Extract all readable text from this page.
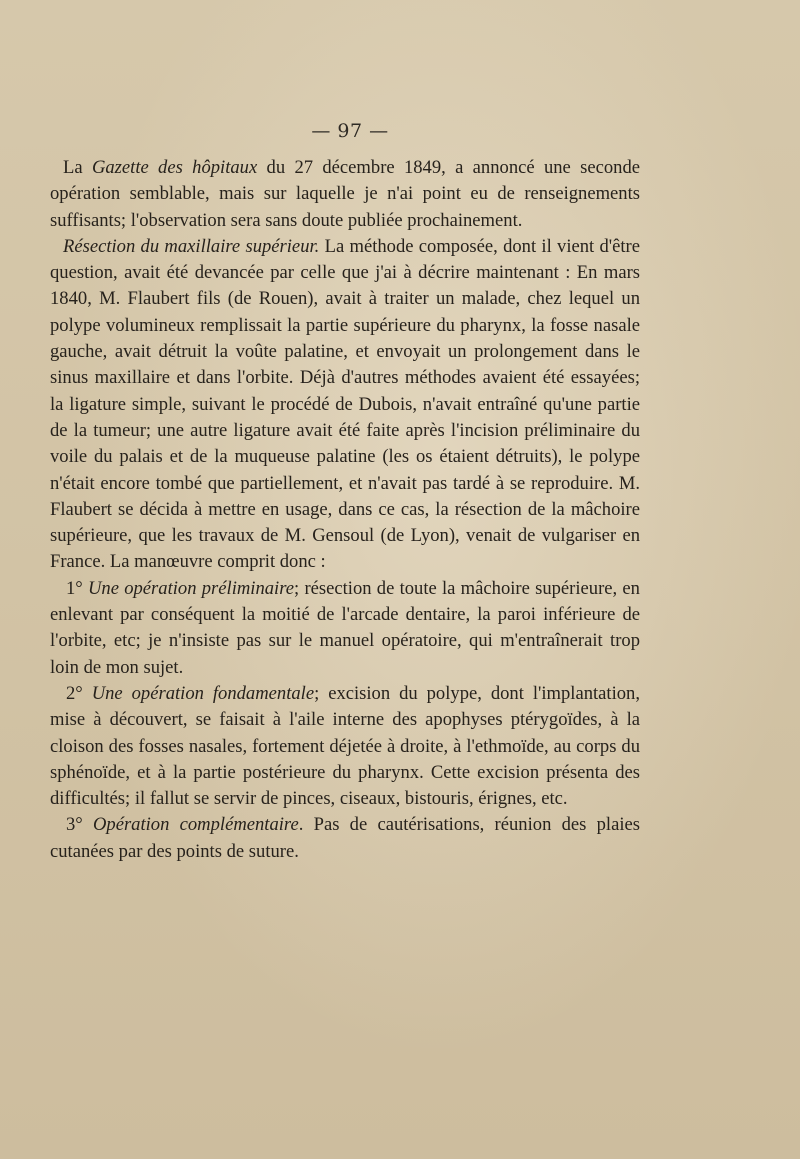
— 97 —

La Gazette des hôpitaux du 27 décembre 1849, a annoncé une seconde opération semblable, mais sur laquelle je n'ai point eu de renseignements suffisants; l'observation sera sans doute publiée prochainement.

Résection du maxillaire supérieur. La méthode composée, dont il vient d'être question, avait été devancée par celle que j'ai à décrire maintenant : En mars 1840, M. Flaubert fils (de Rouen), avait à traiter un malade, chez lequel un polype volumineux remplissait la partie supérieure du pharynx, la fosse nasale gauche, avait détruit la voûte palatine, et envoyait un prolongement dans le sinus maxillaire et dans l'orbite. Déjà d'autres méthodes avaient été essayées; la ligature simple, suivant le procédé de Dubois, n'avait entraîné qu'une partie de la tumeur; une autre ligature avait été faite après l'incision préliminaire du voile du palais et de la muqueuse palatine (les os étaient détruits), le polype n'était encore tombé que partiellement, et n'avait pas tardé à se reproduire. M. Flaubert se décida à mettre en usage, dans ce cas, la résection de la mâchoire supérieure, que les travaux de M. Gensoul (de Lyon), venait de vulgariser en France. La manœuvre comprit donc :

1° Une opération préliminaire; résection de toute la mâchoire supérieure, en enlevant par conséquent la moitié de l'arcade dentaire, la paroi inférieure de l'orbite, etc; je n'insiste pas sur le manuel opératoire, qui m'entraînerait trop loin de mon sujet.

2° Une opération fondamentale; excision du polype, dont l'implantation, mise à découvert, se faisait à l'aile interne des apophyses ptérygoïdes, à la cloison des fosses nasales, fortement déjetée à droite, à l'ethmoïde, au corps du sphénoïde, et à la partie postérieure du pharynx. Cette excision présenta des difficultés; il fallut se servir de pinces, ciseaux, bistouris, érignes, etc.

3° Opération complémentaire. Pas de cautérisations, réunion des plaies cutanées par des points de suture.
